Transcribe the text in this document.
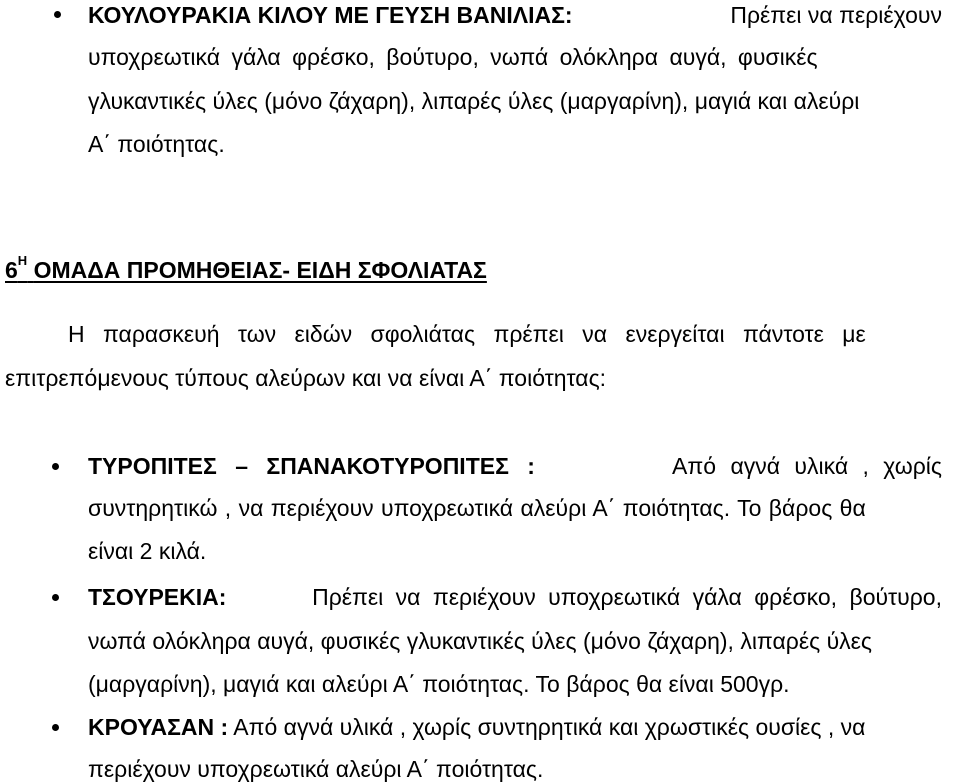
ΚΟΥΛΟΥΡΑΚΙΑ ΚΙΛΟΥ ΜΕ ΓΕΥΣΗ ΒΑΝΙΛΙΑΣ:	Πρέπει να περιέχουν
υποχρεωτικά γάλα φρέσκο, βούτυρο, νωπά ολόκληρα αυγά, φυσικές
γλυκαντικές ύλες (μόνο ζάχαρη), λιπαρές ύλες (μαργαρίνη), μαγιά και αλεύρι
Α΄ ποιότητας.
$6^H$ ΟΜΑΔΑ ΠΡΟΜΗΘΕΙΑΣ- ΕΙΔΗ ΣΦΟΛΙΑΤΑΣ
Η παρασκευή των ειδών σφολιάτας πρέπει να ενεργείται πάντοτε με
επιτρεπόμενους τύπους αλεύρων και να είναι Α΄ ποιότητας:
ΤΥΡΟΠΙΤΕΣ – ΣΠΑΝΑΚΟΤΥΡΟΠΙΤΕΣ :	Από αγνά υλικά , χωρίς
συντηρητικώ , να περιέχουν υποχρεωτικά αλεύρι Α΄ ποιότητας. Το βάρος θα
είναι 2 κιλά.
ΤΣΟΥΡΕΚΙΑ:	Πρέπει να περιέχουν υποχρεωτικά γάλα φρέσκο, βούτυρο,
νωπά ολόκληρα αυγά, φυσικές γλυκαντικές ύλες (μόνο ζάχαρη), λιπαρές ύλες
(μαργαρίνη), μαγιά και αλεύρι Α΄ ποιότητας. Το βάρος θα είναι 500γρ.
ΚΡΟΥΑΣΑΝ : Από αγνά υλικά , χωρίς συντηρητικά και χρωστικές ουσίες , να
περιέχουν υποχρεωτικά αλεύρι Α΄ ποιότητας.
